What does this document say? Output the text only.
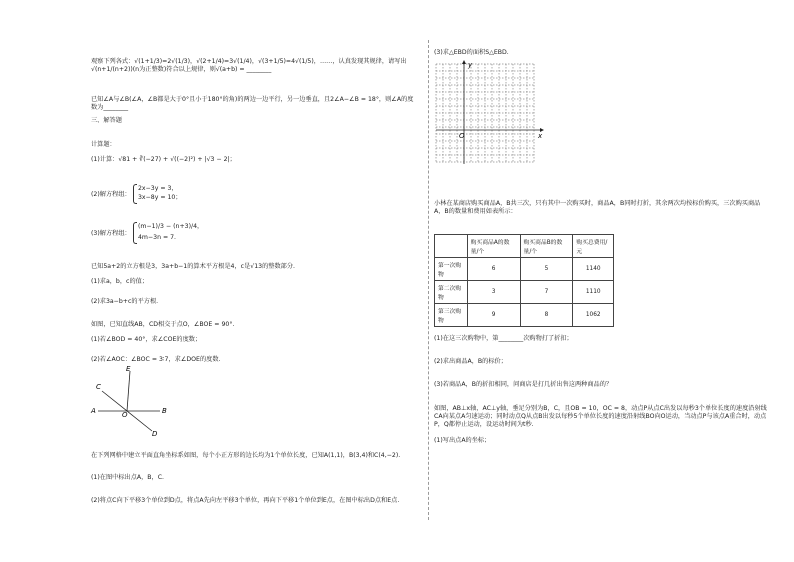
观察下列各式：√(1+1/3)=2√(1/3)，√(2+1/4)=3√(1/4)，√(3+1/5)=4√(1/5)，……，认真发现其规律，请写出√(n+1/(n+2))(n为正整数)符合以上规律，则√(a+b) = ________
已知∠A与∠B(∠A，∠B都是大于0°且小于180°的角)的两边一边平行，另一边垂直，且2∠A−∠B = 18°，则∠A的度数为________
三、解答题
计算题：
(1)计算：√81 + ∛(−27) + √((−2)²) + |√3 − 2|；
(2)解方程组：
2x−3y = 3，
3x−8y = 10；
(3)解方程组：
(m−1)/3 − (n+3)/4，
4m−3n = 7.
已知5a+2的立方根是3，3a+b−1的算术平方根是4，c是√13的整数部分.
(1)求a，b，c的值；
(2)求3a−b+c的平方根.
如图，已知直线AB，CD相交于点O，∠BOE = 90°.
(1)若∠BOD = 40°，求∠COE的度数；
(2)若∠AOC：∠BOC = 3∶7，求∠DOE的度数.
E
C
A	O	B
D
在下列网格中建立平面直角坐标系如图，每个小正方形的边长均为1个单位长度，已知A(1,1)，B(3,4)和C(4,−2).
(1)在图中标出点A，B，C.
(2)将点C向下平移3个单位到D点，将点A先向左平移3个单位，再向下平移1个单位到E点，在图中标出D点和E点.
(3)求△EBD的面积S△EBD.
y
x
O
小林在某商店购买商品A，B共三次，只有其中一次购买时，商品A，B同时打折，其余两次均按标价购买，三次购买商品A，B的数量和费用如表所示：
	购买商品A的数量/个	购买商品B的数量/个	购买总费用/元
第一次购物	6	5	1140
第二次购物	3	7	1110
第三次购物	9	8	1062
(1)在这三次购物中，第________次购物打了折扣；
(2)求出商品A，B的标价；
(3)若商品A，B的折扣相同，问商店是打几折出售这两种商品的？
如图，AB⊥x轴，AC⊥y轴，垂足分别为B，C，且OB = 10，OC = 8，动点P从点C出发以每秒3个单位长度的速度沿射线CA向某点A匀速运动；同时动点Q从点B出发以每秒5个单位长度的速度沿射线BO向O运动，当动点P与该点A重合时，动点P，Q都停止运动，设运动时间为t秒.
(1)写出点A的坐标；
